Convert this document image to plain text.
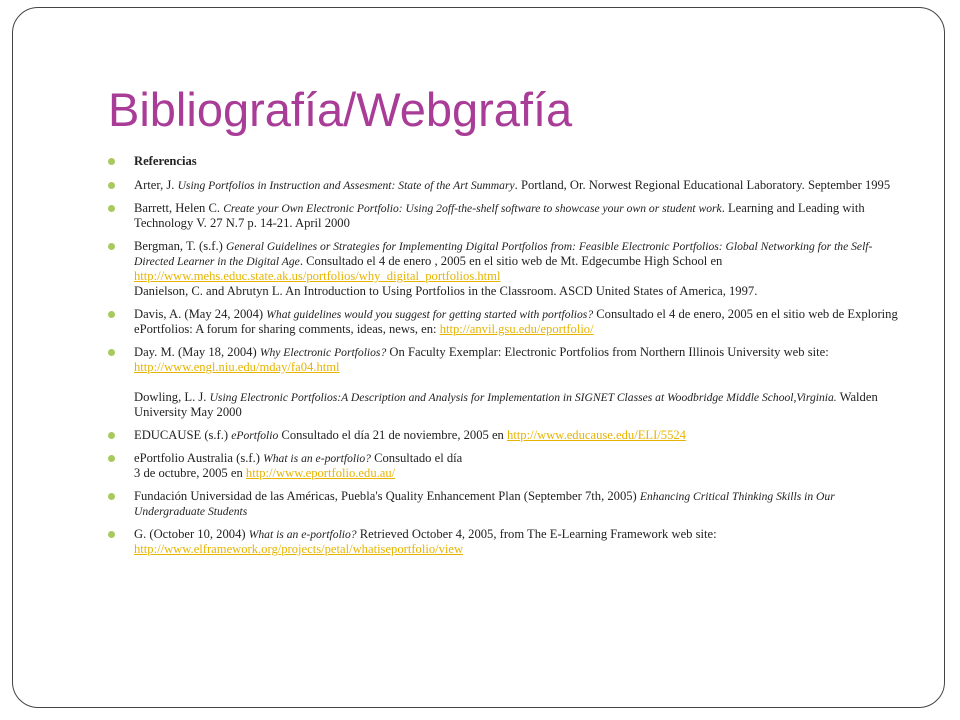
Bibliografía/Webgrafía
Referencias
Arter, J. Using Portfolios in Instruction and Assesment: State of the Art Summary. Portland, Or. Norwest Regional Educational Laboratory. September 1995
Barrett, Helen C. Create your Own Electronic Portfolio: Using 2off-the-shelf software to showcase your own or student work. Learning and Leading with Technology V. 27 N.7 p. 14-21. April 2000
Bergman, T. (s.f.) General Guidelines or Strategies for Implementing Digital Portfolios from: Feasible Electronic Portfolios: Global Networking for the Self-Directed Learner in the Digital Age. Consultado el 4 de enero , 2005 en el sitio web de Mt. Edgecumbe High School en http://www.mehs.educ.state.ak.us/portfolios/why_digital_portfolios.html
Danielson, C. and Abrutyn L. An Introduction to Using Portfolios in the Classroom. ASCD United States of America, 1997.
Davis, A. (May 24, 2004) What guidelines would you suggest for getting started with portfolios? Consultado el 4 de enero, 2005 en el sitio web de Exploring ePortfolios: A forum for sharing comments, ideas, news, en: http://anvil.gsu.edu/eportfolio/
Day. M. (May 18, 2004) Why Electronic Portfolios? On Faculty Exemplar: Electronic Portfolios from Northern Illinois University web site: http://www.engl.niu.edu/mday/fa04.html
Dowling, L. J. Using Electronic Portfolios:A Description and Analysis for Implementation in SIGNET Classes at Woodbridge Middle School,Virginia. Walden University May 2000
EDUCAUSE (s.f.) ePortfolio Consultado el día 21 de noviembre, 2005 en http://www.educause.edu/ELI/5524
ePortfolio Australia (s.f.) What is an e-portfolio? Consultado el día
3 de octubre, 2005 en http://www.eportfolio.edu.au/
Fundación Universidad de las Américas, Puebla's Quality Enhancement Plan (September 7th, 2005) Enhancing Critical Thinking Skills in Our Undergraduate Students
G. (October 10, 2004) What is an e-portfolio? Retrieved October 4, 2005, from The E-Learning Framework web site:
http://www.elframework.org/projects/petal/whatiseportfolio/view
